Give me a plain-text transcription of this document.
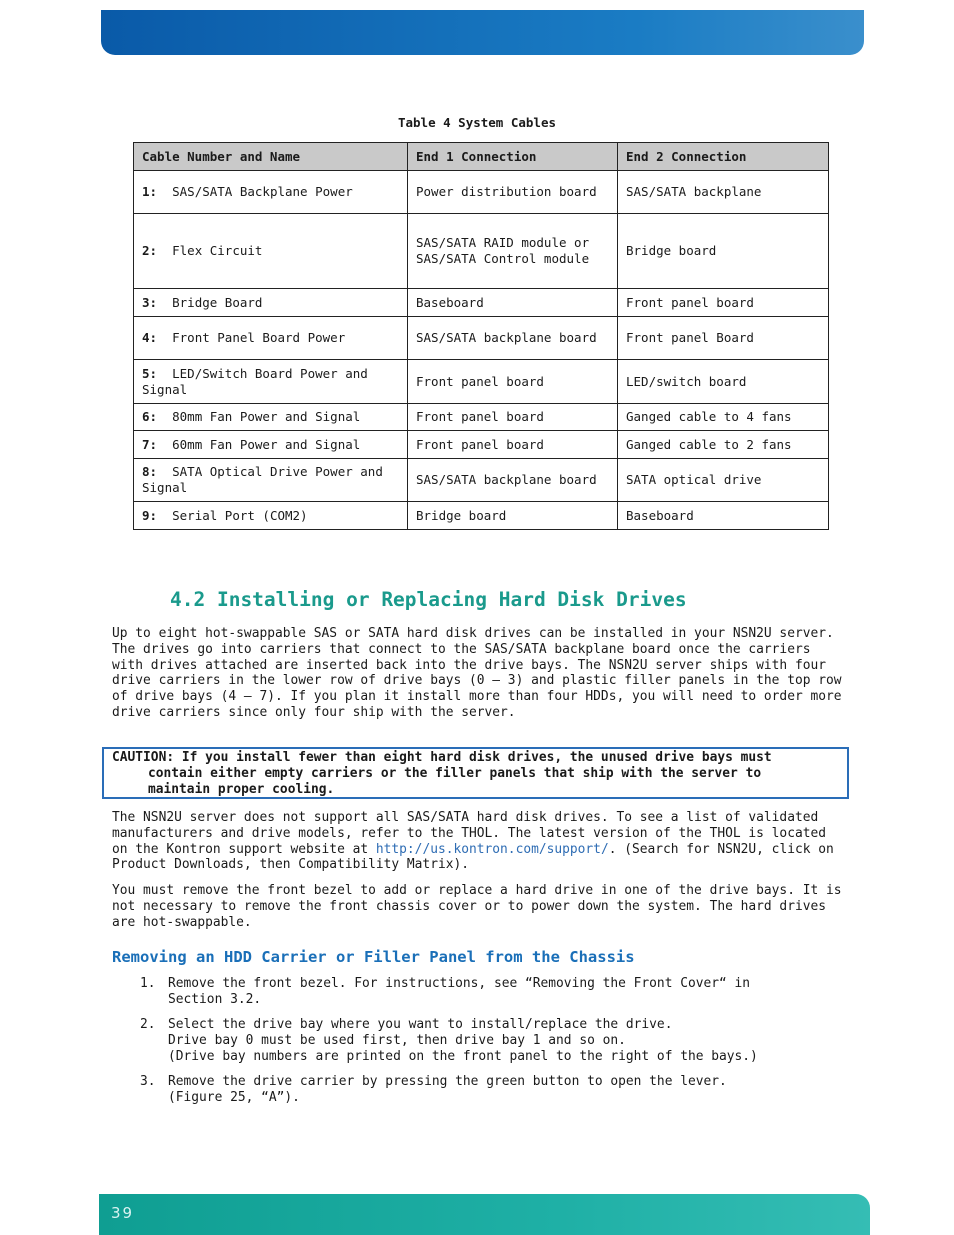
Table 4 System Cables
Cable Number and Name	End 1 Connection	End 2 Connection
1: SAS/SATA Backplane Power	Power distribution board	SAS/SATA backplane
2: Flex Circuit	SAS/SATA RAID module or SAS/SATA Control module	Bridge board
3: Bridge Board	Baseboard	Front panel board
4: Front Panel Board Power	SAS/SATA backplane board	Front panel Board
5: LED/Switch Board Power and Signal	Front panel board	LED/switch board
6: 80mm Fan Power and Signal	Front panel board	Ganged cable to 4 fans
7: 60mm Fan Power and Signal	Front panel board	Ganged cable to 2 fans
8: SATA Optical Drive Power and Signal	SAS/SATA backplane board	SATA optical drive
9: Serial Port (COM2)	Bridge board	Baseboard
4.2 Installing or Replacing Hard Disk Drives

Up to eight hot-swappable SAS or SATA hard disk drives can be installed in your NSN2U server. The drives go into carriers that connect to the SAS/SATA backplane board once the carriers with drives attached are inserted back into the drive bays. The NSN2U server ships with four drive carriers in the lower row of drive bays (0 – 3) and plastic filler panels in the top row of drive bays (4 – 7). If you plan it install more than four HDDs, you will need to order more drive carriers since only four ship with the server.

CAUTION: If you install fewer than eight hard disk drives, the unused drive bays must
contain either empty carriers or the filler panels that ship with the server to
maintain proper cooling.

The NSN2U server does not support all SAS/SATA hard disk drives. To see a list of validated manufacturers and drive models, refer to the THOL. The latest version of the THOL is located on the Kontron support website at http://us.kontron.com/support/. (Search for NSN2U, click on Product Downloads, then Compatibility Matrix).

You must remove the front bezel to add or replace a hard drive in one of the drive bays. It is not necessary to remove the front chassis cover or to power down the system. The hard drives are hot-swappable.

Removing an HDD Carrier or Filler Panel from the Chassis
1. Remove the front bezel. For instructions, see “Removing the Front Cover“ in
Section 3.2.
2. Select the drive bay where you want to install/replace the drive.
Drive bay 0 must be used first, then drive bay 1 and so on.
(Drive bay numbers are printed on the front panel to the right of the bays.)
3. Remove the drive carrier by pressing the green button to open the lever.
(Figure 25, “A”).
39
